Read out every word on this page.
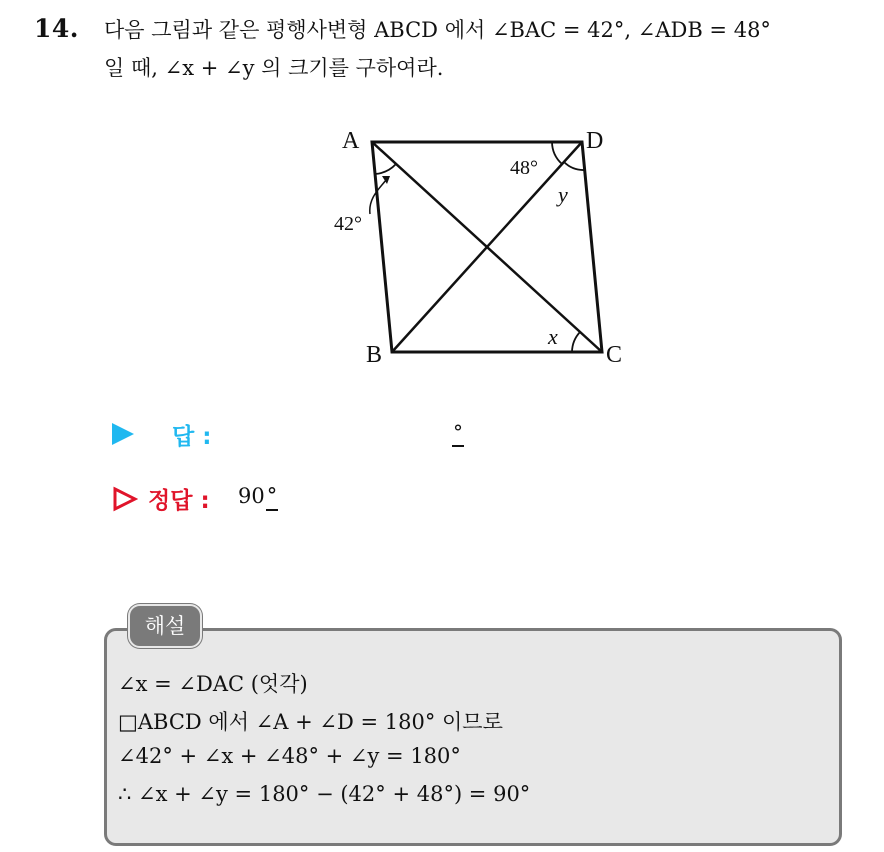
14. 다음 그림과 같은 평행사변형 ABCD 에서 ∠BAC = 42°, ∠ADB = 48°
일 때, ∠x + ∠y 의 크기를 구하여라.
A	D
B	C
42°
48°
y
x
답 :	°
정답 : 90°
해설
∠x = ∠DAC (엇각)
□ABCD 에서 ∠A + ∠D = 180° 이므로
∠42° + ∠x + ∠48° + ∠y = 180°
∴ ∠x + ∠y = 180° − (42° + 48°) = 90°
